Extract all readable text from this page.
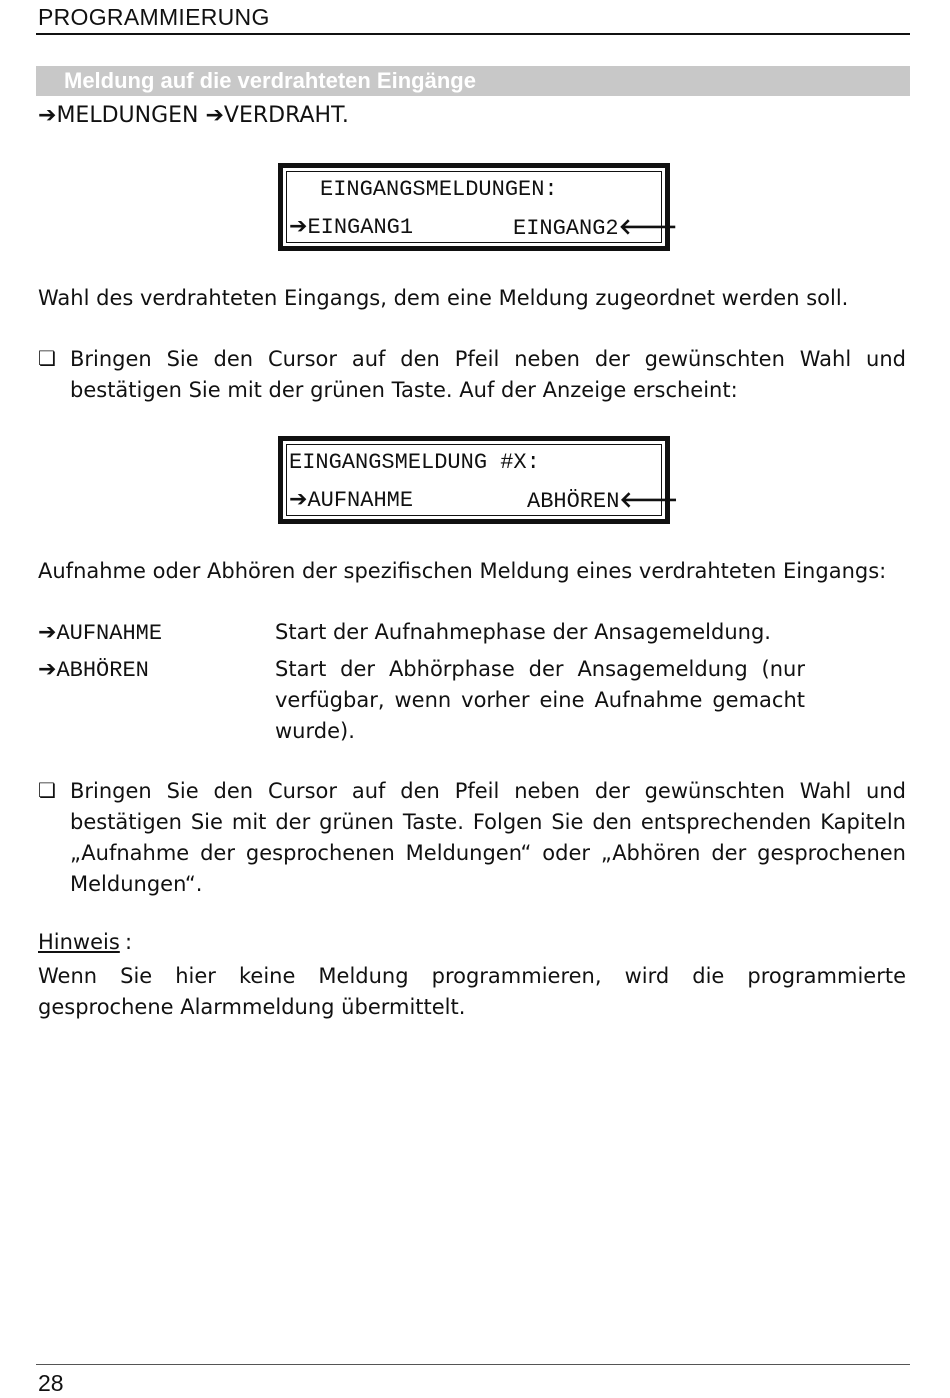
PROGRAMMIERUNG
Meldung auf die verdrahteten Eingänge
➔MELDUNGEN ➔VERDRAHT.
EINGANGSMELDUNGEN:
➔EINGANG1	EINGANG2🡐
Wahl des verdrahteten Eingangs, dem eine Meldung zugeordnet werden soll.
❏ Bringen Sie den Cursor auf den Pfeil neben der gewünschten Wahl und bestätigen Sie mit der grünen Taste. Auf der Anzeige erscheint:
EINGANGSMELDUNG #X:
➔AUFNAHME	ABHÖREN🡐
Aufnahme oder Abhören der spezifischen Meldung eines verdrahteten Eingangs:
➔AUFNAHME	Start der Aufnahmephase der Ansagemeldung.
➔ABHÖREN	Start der Abhörphase der Ansagemeldung (nur verfügbar, wenn vorher eine Aufnahme gemacht wurde).
❏ Bringen Sie den Cursor auf den Pfeil neben der gewünschten Wahl und bestätigen Sie mit der grünen Taste. Folgen Sie den entsprechenden Kapiteln „Aufnahme der gesprochenen Meldungen“ oder „Abhören der gesprochenen Meldungen“.
Hinweis :
Wenn Sie hier keine Meldung programmieren, wird die programmierte gesprochene Alarmmeldung übermittelt.
28
